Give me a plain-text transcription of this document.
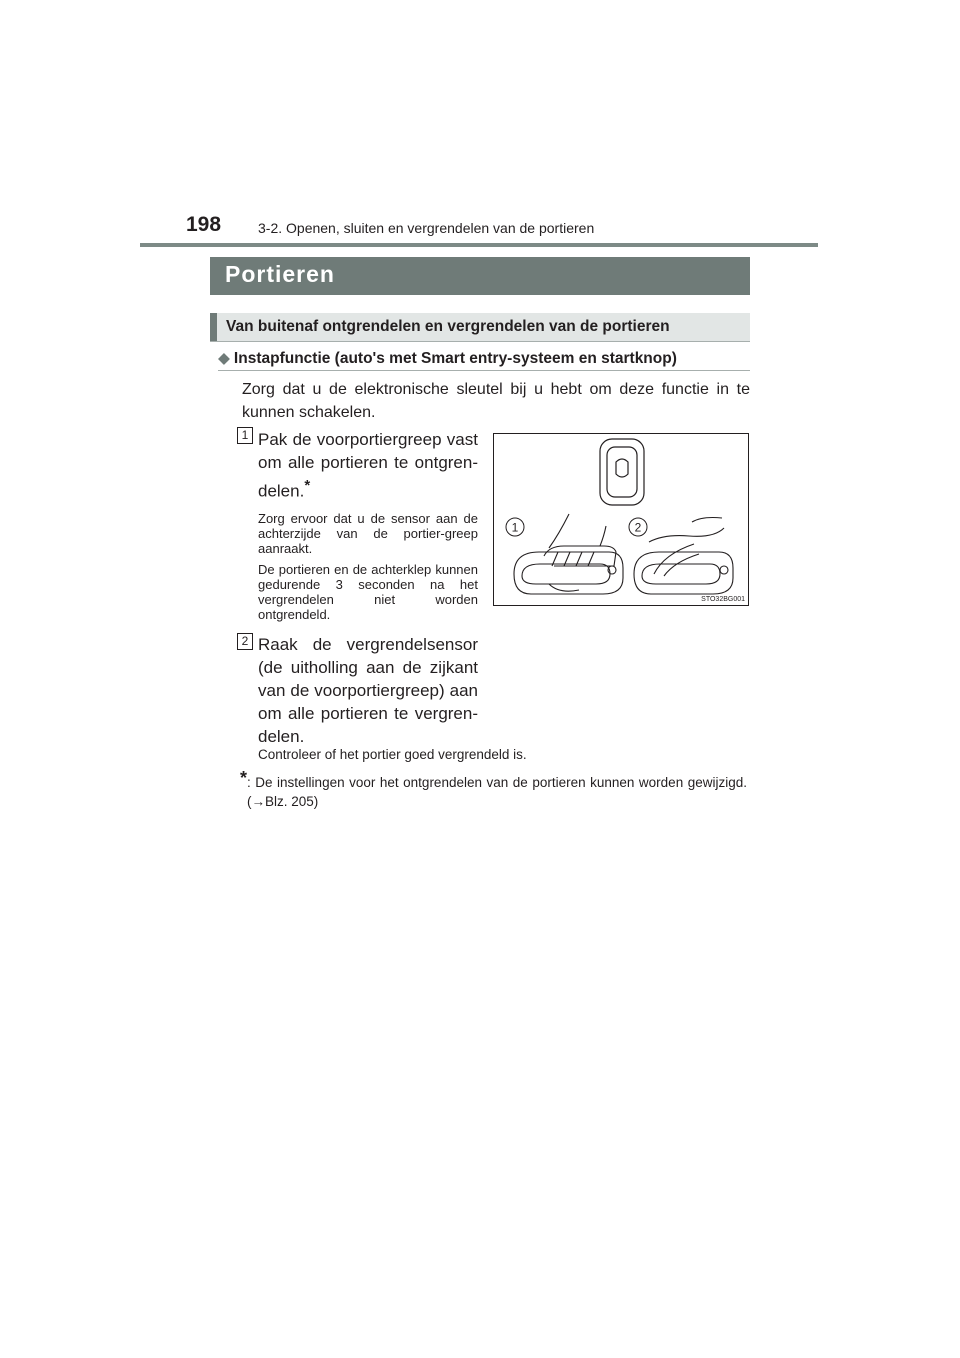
198	3-2. Openen, sluiten en vergrendelen van de portieren
Portieren
Van buitenaf ontgrendelen en vergrendelen van de portieren
◆ Instapfunctie (auto's met Smart entry-systeem en startknop)
Zorg dat u de elektronische sleutel bij u hebt om deze functie in te kunnen schakelen.
1 Pak de voorportiergreep vast om alle portieren te ontgren-delen.*
Zorg ervoor dat u de sensor aan de achterzijde van de portier-greep aanraakt.
De portieren en de achterklep kunnen gedurende 3 seconden na het vergrendelen niet worden ontgrendeld.
1	2
STO32BG001
2 Raak de vergrendelsensor (de uitholling aan de zijkant van de voorportiergreep) aan om alle portieren te vergren-delen.
Controleer of het portier goed vergrendeld is.
* : De instellingen voor het ontgrendelen van de portieren kunnen worden gewijzigd.(→Blz. 205)
